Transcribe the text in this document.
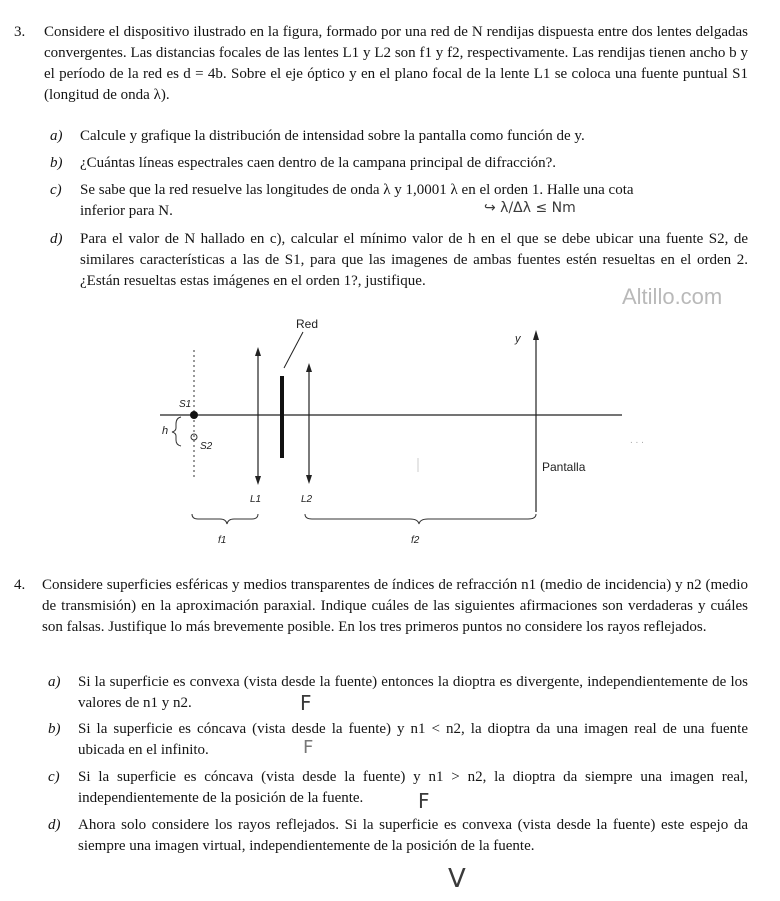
3. Considere el dispositivo ilustrado en la figura, formado por una red de N rendijas dispuesta entre dos lentes delgadas convergentes. Las distancias focales de las lentes L1 y L2 son f1 y f2, respectivamente. Las rendijas tienen ancho b y el período de la red es d = 4b. Sobre el eje óptico y en el plano focal de la lente L1 se coloca una fuente puntual S1 (longitud de onda λ).

a) Calcule y grafique la distribución de intensidad sobre la pantalla como función de y.
b) ¿Cuántas líneas espectrales caen dentro de la campana principal de difracción?.
c) Se sabe que la red resuelve las longitudes de onda λ y 1,0001 λ en el orden 1. Halle una cota inferior para N.	↪ λ/Δλ ≤ Nm
d) Para el valor de N hallado en c), calcular el mínimo valor de h en el que se debe ubicar una fuente S2, de similares características a las de S1, para que las imagenes de ambas fuentes estén resueltas en el orden 2. ¿Están resueltas estas imágenes en el orden 1?, justifique.
Altillo.com
. . .
Red
y
S1
S2
h
L1	L2
Pantalla
f1	f2
4. Considere superficies esféricas y medios transparentes de índices de refracción n1 (medio de incidencia) y n2 (medio de transmisión) en la aproximación paraxial. Indique cuáles de las siguientes afirmaciones son verdaderas y cuáles son falsas. Justifique lo más brevemente posible. En los tres primeros puntos no considere los rayos reflejados.

a) Si la superficie es convexa (vista desde la fuente) entonces la dioptra es divergente, independientemente de los valores de n1 y n2.	F
b) Si la superficie es cóncava (vista desde la fuente) y n1 < n2, la dioptra da una imagen real de una fuente ubicada en el infinito.	F
c) Si la superficie es cóncava (vista desde la fuente) y n1 > n2, la dioptra da siempre una imagen real, independientemente de la posición de la fuente.	F
d) Ahora solo considere los rayos reflejados. Si la superficie es convexa (vista desde la fuente) este espejo da siempre una imagen virtual, independientemente de la posición de la fuente.
V
